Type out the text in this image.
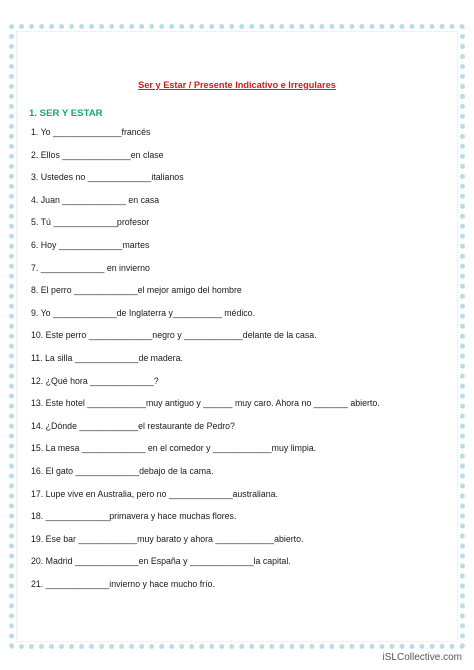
Ser y Estar / Presente Indicativo e Irregulares
1. SER Y ESTAR
1. Yo ______________francés
2. Ellos ______________en clase
3. Ustedes no _____________italianos
4. Juan _____________ en casa
5. Tú _____________profesor
6. Hoy _____________martes
7. _____________ en invierno
8. El perro _____________el mejor amigo del hombre
9. Yo _____________de Inglaterra y__________ médico.
10. Este perro _____________negro y ____________delante de la casa.
11. La silla _____________de madera.
12. ¿Qué hora _____________?
13. Este hotel ____________muy antiguo y ______ muy caro. Ahora no _______ abierto.
14. ¿Dónde ____________el restaurante de Pedro?
15. La mesa _____________ en el comedor y ____________muy limpia.
16. El gato _____________debajo de la cama.
17. Lupe vive en Australia, pero no _____________australiana.
18. _____________primavera y hace muchas flores.
19. Ese bar ____________muy barato y ahora ____________abierto.
20. Madrid _____________en España y _____________la capital.
21. _____________invierno y hace mucho frío.
iSLCollective.com
